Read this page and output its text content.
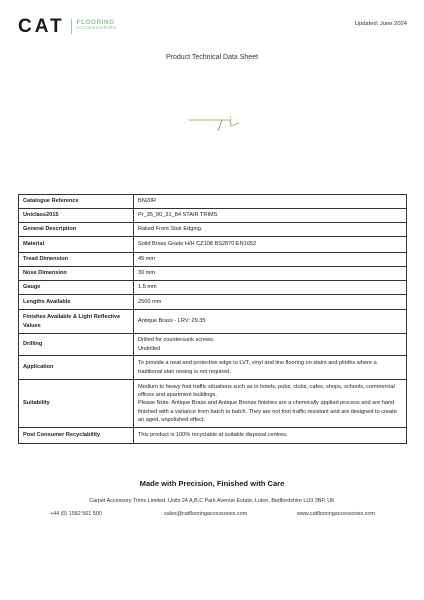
CAT FLOORING
ACCESSORIES
Updated: June 2024
Product Technical Data Sheet
Catalogue Reference	BN20R
Uniclass2015	Pr_35_90_31_84 STAIR TRIMS
General Description	Raked Front Stair Edging.
Material	Solid Brass Grade H/H CZ108 BS2870:EN1652
Tread Dimension	45 mm
Nose Dimension	30 mm
Gauge	1.5 mm
Lengths Available	2500 mm
Finishes Available & Light Reflective Values	Antique Brass - LRV: 29.35
Drilling	Drilled for countersunk screws.
Undrilled

Application	To provide a neat and protective edge to LVT, vinyl and lino flooring on stairs and plinths where a traditional stair nosing is not required.
Suitability	Medium to heavy foot traffic situations such as in hotels, pubs, clubs, cafes, shops, schools, commercial offices and apartment buildings.
Please Note: Antique Brass and Antique Bronze finishes are a chemically applied process and are hand finished with a variance from batch to batch. They are not foot traffic resistant and are designed to create an aged, unpolished effect.

Post Consumer Recyclability	This product is 100% recyclable at suitable disposal centres.
Made with Precision, Finished with Care
Carpet Accessory Trims Limited. Units 24 A,B,C Park Avenue Estate, Luton, Bedfordshire LU3 3BP, UK
+44 (0) 1582 561 500	sales@catflooringaccessories.com	www.catflooringaccessories.com
